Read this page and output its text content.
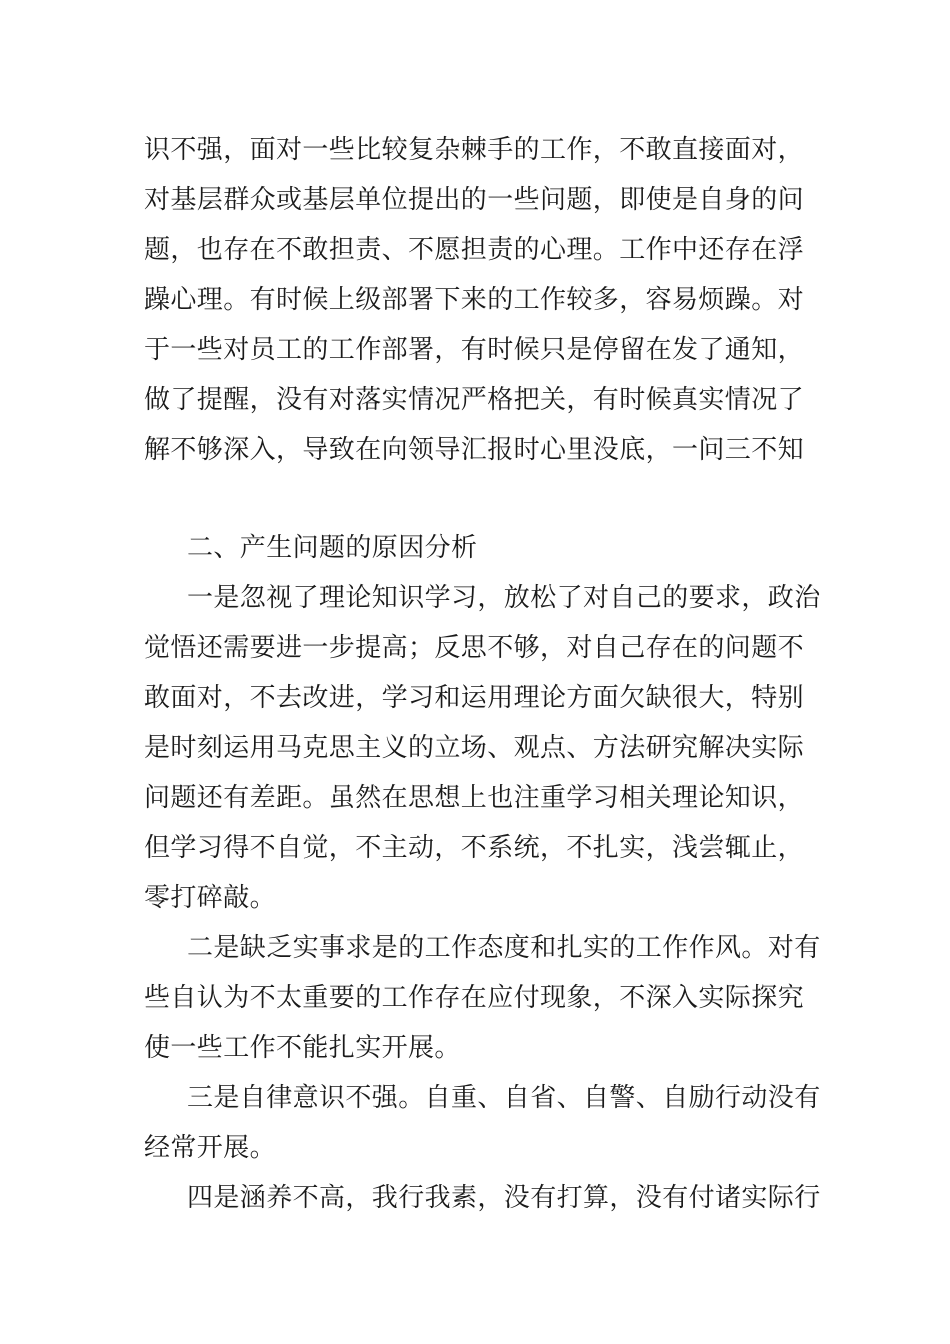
识不强，面对一些比较复杂棘手的工作，不敢直接面对，
对基层群众或基层单位提出的一些问题，即使是自身的问
题，也存在不敢担责、不愿担责的心理。工作中还存在浮
躁心理。有时候上级部署下来的工作较多，容易烦躁。对
于一些对员工的工作部署，有时候只是停留在发了通知，
做了提醒，没有对落实情况严格把关，有时候真实情况了
解不够深入，导致在向领导汇报时心里没底，一问三不知
二、产生问题的原因分析
一是忽视了理论知识学习，放松了对自己的要求，政治
觉悟还需要进一步提高；反思不够，对自己存在的问题不
敢面对，不去改进，学习和运用理论方面欠缺很大，特别
是时刻运用马克思主义的立场、观点、方法研究解决实际
问题还有差距。虽然在思想上也注重学习相关理论知识，
但学习得不自觉，不主动，不系统，不扎实，浅尝辄止，
零打碎敲。
二是缺乏实事求是的工作态度和扎实的工作作风。对有
些自认为不太重要的工作存在应付现象，不深入实际探究
使一些工作不能扎实开展。
三是自律意识不强。自重、自省、自警、自励行动没有
经常开展。
四是涵养不高，我行我素，没有打算，没有付诸实际行
